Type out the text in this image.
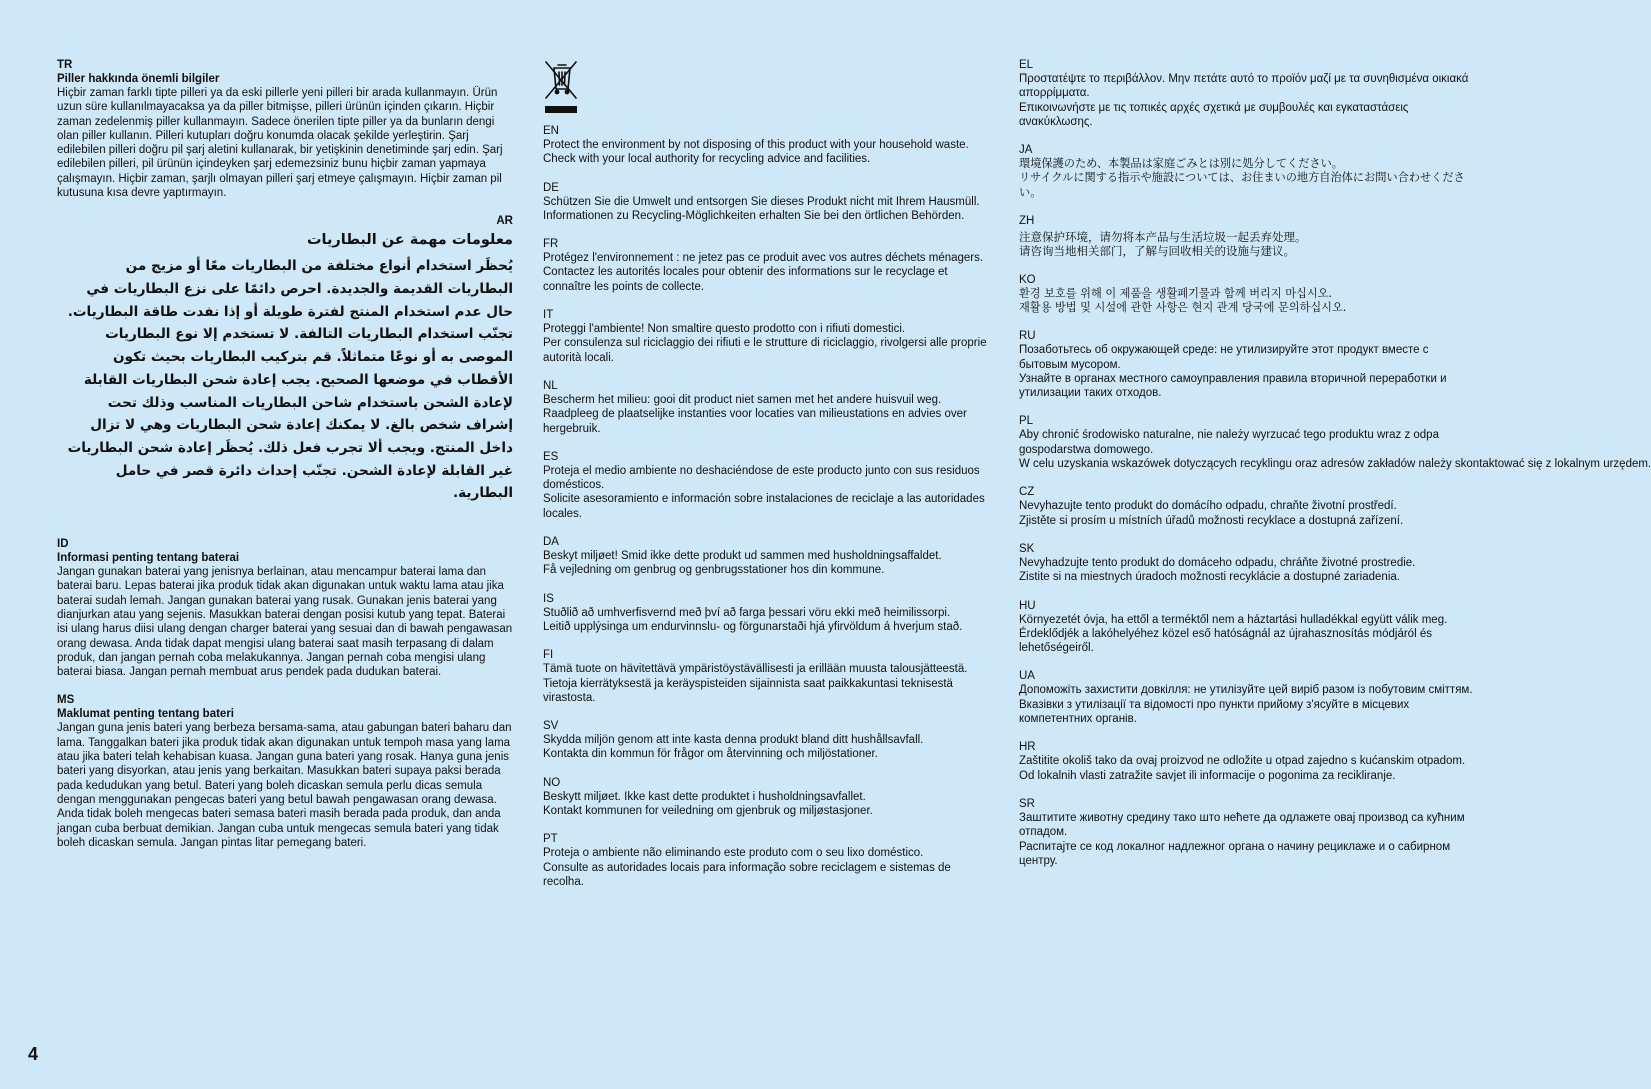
TR
Piller hakkında önemli bilgiler

Hiçbir zaman farklı tipte pilleri ya da eski pillerle yeni pilleri bir arada kullanmayın. Ürün uzun süre kullanılmayacaksa ya da piller bitmişse, pilleri ürünün içinden çıkarın. Hiçbir zaman zedelenmiş piller kullanmayın. Sadece önerilen tipte piller ya da bunların dengi olan piller kullanın. Pilleri kutupları doğru konumda olacak şekilde yerleştirin. Şarj edilebilen pilleri doğru pil şarj aletini kullanarak, bir yetişkinin denetiminde şarj edin. Şarj edilebilen pilleri, pil ürünün içindeyken şarj edemezsiniz bunu hiçbir zaman yapmaya çalışmayın. Hiçbir zaman, şarjlı olmayan pilleri şarj etmeye çalışmayın. Hiçbir zaman pil kutusuna kısa devre yaptırmayın.

AR
معلومات مهمة عن البطاريات

يُحظَر استخدام أنواع مختلفة من البطاريات معًا أو مزيج من البطاريات القديمة والجديدة. احرص دائمًا على نزع البطاريات في حال عدم استخدام المنتج لفترة طويلة أو إذا نفدت طاقة البطاريات. تجنّب استخدام البطاريات التالفة. لا تستخدم إلا نوع البطاريات الموصى به أو نوعًا متماثلاً. قم بتركيب البطاريات بحيث تكون الأقطاب في موضعها الصحيح. يجب إعادة شحن البطاريات القابلة لإعادة الشحن باستخدام شاحن البطاريات المناسب وذلك تحت إشراف شخص بالغ. لا يمكنك إعادة شحن البطاريات وهي لا تزال داخل المنتج. ويجب ألا تجرب فعل ذلك. يُحظَر إعادة شحن البطاريات غير القابلة لإعادة الشحن. تجنّب إحداث دائرة قصر في حامل البطارية.

ID
Informasi penting tentang baterai

Jangan gunakan baterai yang jenisnya berlainan, atau mencampur baterai lama dan baterai baru. Lepas baterai jika produk tidak akan digunakan untuk waktu lama atau jika baterai sudah lemah. Jangan gunakan baterai yang rusak. Gunakan jenis baterai yang dianjurkan atau yang sejenis. Masukkan baterai dengan posisi kutub yang tepat. Baterai isi ulang harus diisi ulang dengan charger baterai yang sesuai dan di bawah pengawasan orang dewasa. Anda tidak dapat mengisi ulang baterai saat masih terpasang di dalam produk, dan jangan pernah coba melakukannya. Jangan pernah coba mengisi ulang baterai biasa. Jangan pernah membuat arus pendek pada dudukan baterai.

MS
Maklumat penting tentang bateri

Jangan guna jenis bateri yang berbeza bersama-sama, atau gabungan bateri baharu dan lama. Tanggalkan bateri jika produk tidak akan digunakan untuk tempoh masa yang lama atau jika bateri telah kehabisan kuasa. Jangan guna bateri yang rosak. Hanya guna jenis bateri yang disyorkan, atau jenis yang berkaitan. Masukkan bateri supaya paksi berada pada kedudukan yang betul. Bateri yang boleh dicaskan semula perlu dicas semula dengan menggunakan pengecas bateri yang betul bawah pengawasan orang dewasa. Anda tidak boleh mengecas bateri semasa bateri masih berada pada produk, dan anda jangan cuba berbuat demikian. Jangan cuba untuk mengecas semula bateri yang tidak boleh dicaskan semula. Jangan pintas litar pemegang bateri.

EN

Protect the environment by not disposing of this product with your household waste.

Check with your local authority for recycling advice and facilities.

DE

Schützen Sie die Umwelt und entsorgen Sie dieses Produkt nicht mit Ihrem Hausmüll.

Informationen zu Recycling-Möglichkeiten erhalten Sie bei den örtlichen Behörden.

FR

Protégez l'environnement : ne jetez pas ce produit avec vos autres déchets ménagers.

Contactez les autorités locales pour obtenir des informations sur le recyclage et connaître les points de collecte.

IT

Proteggi l'ambiente! Non smaltire questo prodotto con i rifiuti domestici.

Per consulenza sul riciclaggio dei rifiuti e le strutture di riciclaggio, rivolgersi alle proprie autorità locali.

NL

Bescherm het milieu: gooi dit product niet samen met het andere huisvuil weg.

Raadpleeg de plaatselijke instanties voor locaties van milieustations en advies over hergebruik.

ES

Proteja el medio ambiente no deshaciéndose de este producto junto con sus residuos domésticos.

Solicite asesoramiento e información sobre instalaciones de reciclaje a las autoridades locales.

DA

Beskyt miljøet! Smid ikke dette produkt ud sammen med husholdningsaffaldet.

Få vejledning om genbrug og genbrugsstationer hos din kommune.

IS

Stuðlið að umhverfisvernd með því að farga þessari vöru ekki með heimilissorpi.

Leitið upplýsinga um endurvinnslu- og förgunarstaði hjá yfirvöldum á hverjum stað.

FI

Tämä tuote on hävitettävä ympäristöystävällisesti ja erillään muusta talousjätteestä.

Tietoja kierrätyksestä ja keräyspisteiden sijainnista saat paikkakuntasi teknisestä virastosta.

SV

Skydda miljön genom att inte kasta denna produkt bland ditt hushållsavfall.

Kontakta din kommun för frågor om återvinning och miljöstationer.

NO

Beskytt miljøet. Ikke kast dette produktet i husholdningsavfallet.

Kontakt kommunen for veiledning om gjenbruk og miljøstasjoner.

PT

Proteja o ambiente não eliminando este produto com o seu lixo doméstico.

Consulte as autoridades locais para informação sobre reciclagem e sistemas de recolha.

EL

Προστατέψτε το περιβάλλον. Μην πετάτε αυτό το προϊόν μαζί με τα συνηθισμένα οικιακά απορρίμματα.

Επικοινωνήστε με τις τοπικές αρχές σχετικά με συμβουλές και εγκαταστάσεις ανακύκλωσης.

JA

環境保護のため、本製品は家庭ごみとは別に処分してください。

リサイクルに関する指示や施設については、お住まいの地方自治体にお問い合わせください。

ZH

注意保护环境，请勿将本产品与生活垃圾一起丢弃处理。

请咨询当地相关部门，了解与回收相关的设施与建议。

KO

환경 보호를 위해 이 제품을 생활폐기물과 함께 버리지 마십시오.

재활용 방법 및 시설에 관한 사항은 현지 관계 당국에 문의하십시오.

RU

Позаботьтесь об окружающей среде: не утилизируйте этот продукт вместе с бытовым мусором.

Узнайте в органах местного самоуправления правила вторичной переработки и утилизации таких отходов.

PL

Aby chronić środowisko naturalne, nie należy wyrzucać tego produktu wraz z odpa

gospodarstwa domowego.

W celu uzyskania wskazówek dotyczących recyklingu oraz adresów zakładów należy skontaktować się z lokalnym urzędem.

CZ

Nevyhazujte tento produkt do domácího odpadu, chraňte životní prostředí.

Zjistěte si prosím u místních úřadů možnosti recyklace a dostupná zařízení.

SK

Nevyhadzujte tento produkt do domáceho odpadu, chráňte životné prostredie.

Zistite si na miestnych úradoch možnosti recyklácie a dostupné zariadenia.

HU

Környezetét óvja, ha ettől a terméktől nem a háztartási hulladékkal együtt válik meg.

Érdeklődjék a lakóhelyéhez közel eső hatóságnál az újrahasznosítás módjáról és lehetőségeiről.

UA

Допоможіть захистити довкілля: не утилізуйте цей виріб разом із побутовим сміттям.

Вказівки з утилізації та відомості про пункти прийому з'ясуйте в місцевих компетентних органів.

HR

Zaštitite okoliš tako da ovaj proizvod ne odložite u otpad zajedno s kućanskim otpadom.

Od lokalnih vlasti zatražite savjet ili informacije o pogonima za recikliranje.

SR

Заштитите животну средину тако што нећете да одлажете овај производ са кућним отпадом.

Распитајте се код локалног надлежног органа о начину рециклаже и о сабирном центру.

4
